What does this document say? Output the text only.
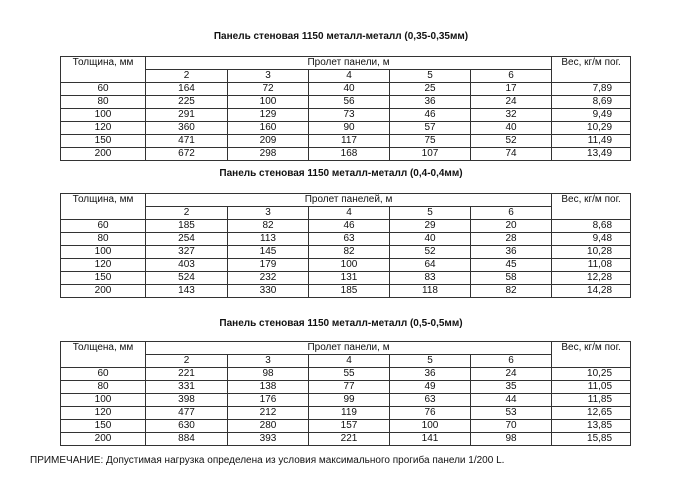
Панель стеновая 1150 металл-металл (0,35-0,35мм)
Толщина, мм	Пролет панели, м					Вес, кг/м пог.
	2	3	4	5	6	
60	164	72	40	25	17	7,89
80	225	100	56	36	24	8,69
100	291	129	73	46	32	9,49
120	360	160	90	57	40	10,29
150	471	209	117	75	52	11,49
200	672	298	168	107	74	13,49
Панель стеновая 1150 металл-металл (0,4-0,4мм)
Толщина, мм	Пролет панелей, м					Вес, кг/м пог.
	2	3	4	5	6	
60	185	82	46	29	20	8,68
80	254	113	63	40	28	9,48
100	327	145	82	52	36	10,28
120	403	179	100	64	45	11,08
150	524	232	131	83	58	12,28
200	143	330	185	118	82	14,28
Панель стеновая 1150 металл-металл (0,5-0,5мм)
Толщена, мм	Пролет панели, м					Вес, кг/м пог.
	2	3	4	5	6	
60	221	98	55	36	24	10,25
80	331	138	77	49	35	11,05
100	398	176	99	63	44	11,85
120	477	212	119	76	53	12,65
150	630	280	157	100	70	13,85
200	884	393	221	141	98	15,85
ПРИМЕЧАНИЕ: Допустимая нагрузка определена из условия максимального прогиба панели 1/200 L.
